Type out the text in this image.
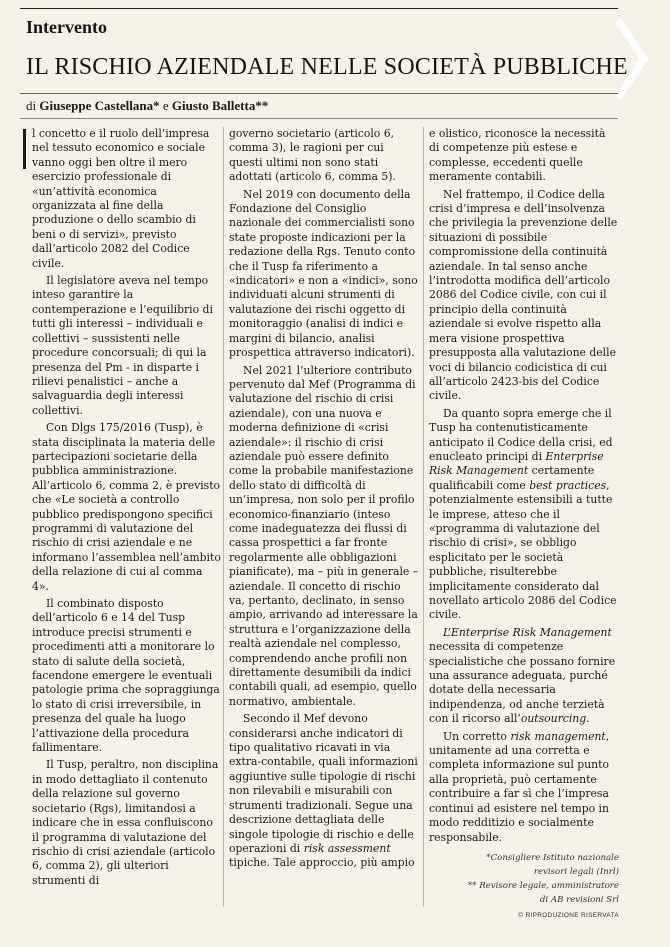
Intervento
IL RISCHIO AZIENDALE NELLE SOCIETÀ PUBBLICHE
di Giuseppe Castellana* e Giusto Balletta**

l concetto e il ruolo dell’impresa nel tessuto economico e sociale vanno oggi ben oltre il mero esercizio professionale di «un’attività economica organizzata al fine della produzione o dello scambio di beni o di servizi», previsto dall’articolo 2082 del Codice civile.

Il legislatore aveva nel tempo inteso garantire la contemperazione e l’equilibrio di tutti gli interessi – individuali e collettivi – sussistenti nelle procedure concorsuali; di qui la presenza del Pm - in disparte i rilievi penalistici – anche a salvaguardia degli interessi collettivi.

Con Dlgs 175/2016 (Tusp), è stata disciplinata la materia delle partecipazioni societarie della pubblica amministrazione. All’articolo 6, comma 2, è previsto che «Le società a controllo pubblico predispongono specifici programmi di valutazione del rischio di crisi aziendale e ne informano l’assemblea nell’ambito della relazione di cui al comma 4».

Il combinato disposto dell’articolo 6 e 14 del Tusp introduce precisi strumenti e procedimenti atti a monitorare lo stato di salute della società, facendone emergere le eventuali patologie prima che sopraggiunga lo stato di crisi irreversibile, in presenza del quale ha luogo l’attivazione della procedura fallimentare.

Il Tusp, peraltro, non disciplina in modo dettagliato il contenuto della relazione sul governo societario (Rgs), limitandosi a indicare che in essa confluiscono il programma di valutazione del rischio di crisi aziendale (articolo 6, comma 2), gli ulteriori strumenti di

governo societario (articolo 6, comma 3), le ragioni per cui questi ultimi non sono stati adottati (articolo 6, comma 5).

Nel 2019 con documento della Fondazione del Consiglio nazionale dei commercialisti sono state proposte indicazioni per la redazione della Rgs. Tenuto conto che il Tusp fa riferimento a «indicatori» e non a «indici», sono individuati alcuni strumenti di valutazione dei rischi oggetto di monitoraggio (analisi di indici e margini di bilancio, analisi prospettica attraverso indicatori).

Nel 2021 l’ulteriore contributo pervenuto dal Mef (Programma di valutazione del rischio di crisi aziendale), con una nuova e moderna definizione di «crisi aziendale»: il rischio di crisi aziendale può essere definito come la probabile manifestazione dello stato di difficoltà di un’impresa, non solo per il profilo economico-finanziario (inteso come inadeguatezza dei flussi di cassa prospettici a far fronte regolarmente alle obbligazioni pianificate), ma – più in generale – aziendale. Il concetto di rischio va, pertanto, declinato, in senso ampio, arrivando ad interessare la struttura e l’organizzazione della realtà aziendale nel complesso, comprendendo anche profili non direttamente desumibili da indici contabili quali, ad esempio, quello normativo, ambientale.

Secondo il Mef devono considerarsi anche indicatori di tipo qualitativo ricavati in via extra-contabile, quali informazioni aggiuntive sulle tipologie di rischi non rilevabili e misurabili con strumenti tradizionali. Segue una descrizione dettagliata delle singole tipologie di rischio e delle operazioni di risk assessment tipiche. Tale approccio, più ampio

e olistico, riconosce la necessità di competenze più estese e complesse, eccedenti quelle meramente contabili.

Nel frattempo, il Codice della crisi d’impresa e dell’insolvenza che privilegia la prevenzione delle situazioni di possibile compromissione della continuità aziendale. In tal senso anche l’introdotta modifica dell’articolo 2086 del Codice civile, con cui il principio della continuità aziendale si evolve rispetto alla mera visione prospettiva presupposta alla valutazione delle voci di bilancio codicistica di cui all’articolo 2423-bis del Codice civile.

Da quanto sopra emerge che il Tusp ha contenutisticamente anticipato il Codice della crisi, ed enucleato principi di Enterprise Risk Management certamente qualificabili come best practices, potenzialmente estensibili a tutte le imprese, atteso che il «programma di valutazione del rischio di crisi», se obbligo esplicitato per le società pubbliche, risulterebbe implicitamente considerato dal novellato articolo 2086 del Codice civile.

L’Enterprise Risk Management necessita di competenze specialistiche che possano fornire una assurance adeguata, purché dotate della necessaria indipendenza, od anche terzietà con il ricorso all’outsourcing.

Un corretto risk management, unitamente ad una corretta e completa informazione sul punto alla proprietà, può certamente contribuire a far sì che l’impresa continui ad esistere nel tempo in modo redditizio e socialmente responsabile.

*Consigliere Istituto nazionale
revisori legali (Inrl)
** Revisore legale, amministratore
di AB revisioni Srl
© RIPRODUZIONE RISERVATA
